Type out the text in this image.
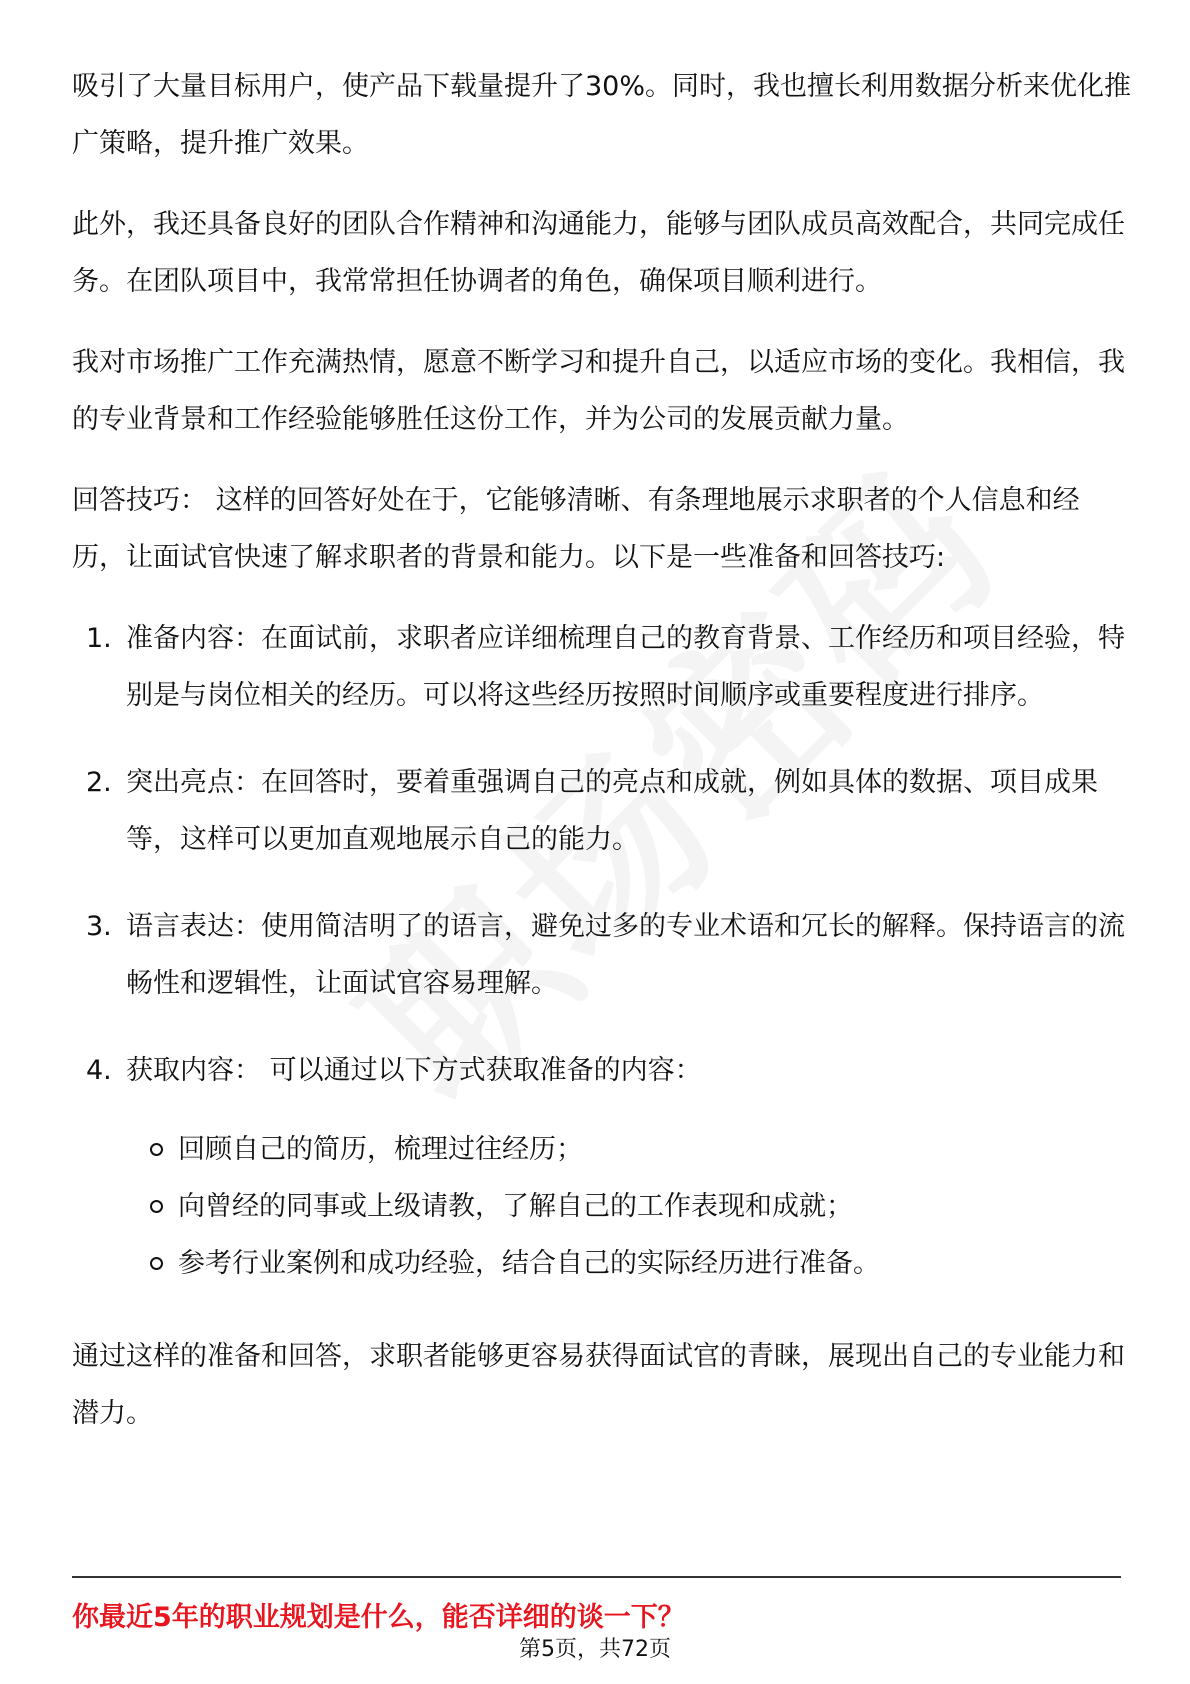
吸引了大量目标用户，使产品下载量提升了30%。同时，我也擅长利用数据分析来优化推广策略，提升推广效果。

此外，我还具备良好的团队合作精神和沟通能力，能够与团队成员高效配合，共同完成任务。在团队项目中，我常常担任协调者的角色，确保项目顺利进行。

我对市场推广工作充满热情，愿意不断学习和提升自己，以适应市场的变化。我相信，我的专业背景和工作经验能够胜任这份工作，并为公司的发展贡献力量。

回答技巧： 这样的回答好处在于，它能够清晰、有条理地展示求职者的个人信息和经历，让面试官快速了解求职者的背景和能力。以下是一些准备和回答技巧:

1. 准备内容：在面试前，求职者应详细梳理自己的教育背景、工作经历和项目经验，特别是与岗位相关的经历。可以将这些经历按照时间顺序或重要程度进行排序。
2. 突出亮点：在回答时，要着重强调自己的亮点和成就，例如具体的数据、项目成果等，这样可以更加直观地展示自己的能力。
3. 语言表达：使用简洁明了的语言，避免过多的专业术语和冗长的解释。保持语言的流畅性和逻辑性，让面试官容易理解。
4. 获取内容： 可以通过以下方式获取准备的内容：
回顾自己的简历，梳理过往经历；
向曾经的同事或上级请教，了解自己的工作表现和成就；
参考行业案例和成功经验，结合自己的实际经历进行准备。

通过这样的准备和回答，求职者能够更容易获得面试官的青睐，展现出自己的专业能力和潜力。

你最近5年的职业规划是什么，能否详细的谈一下？
第5页，共72页
